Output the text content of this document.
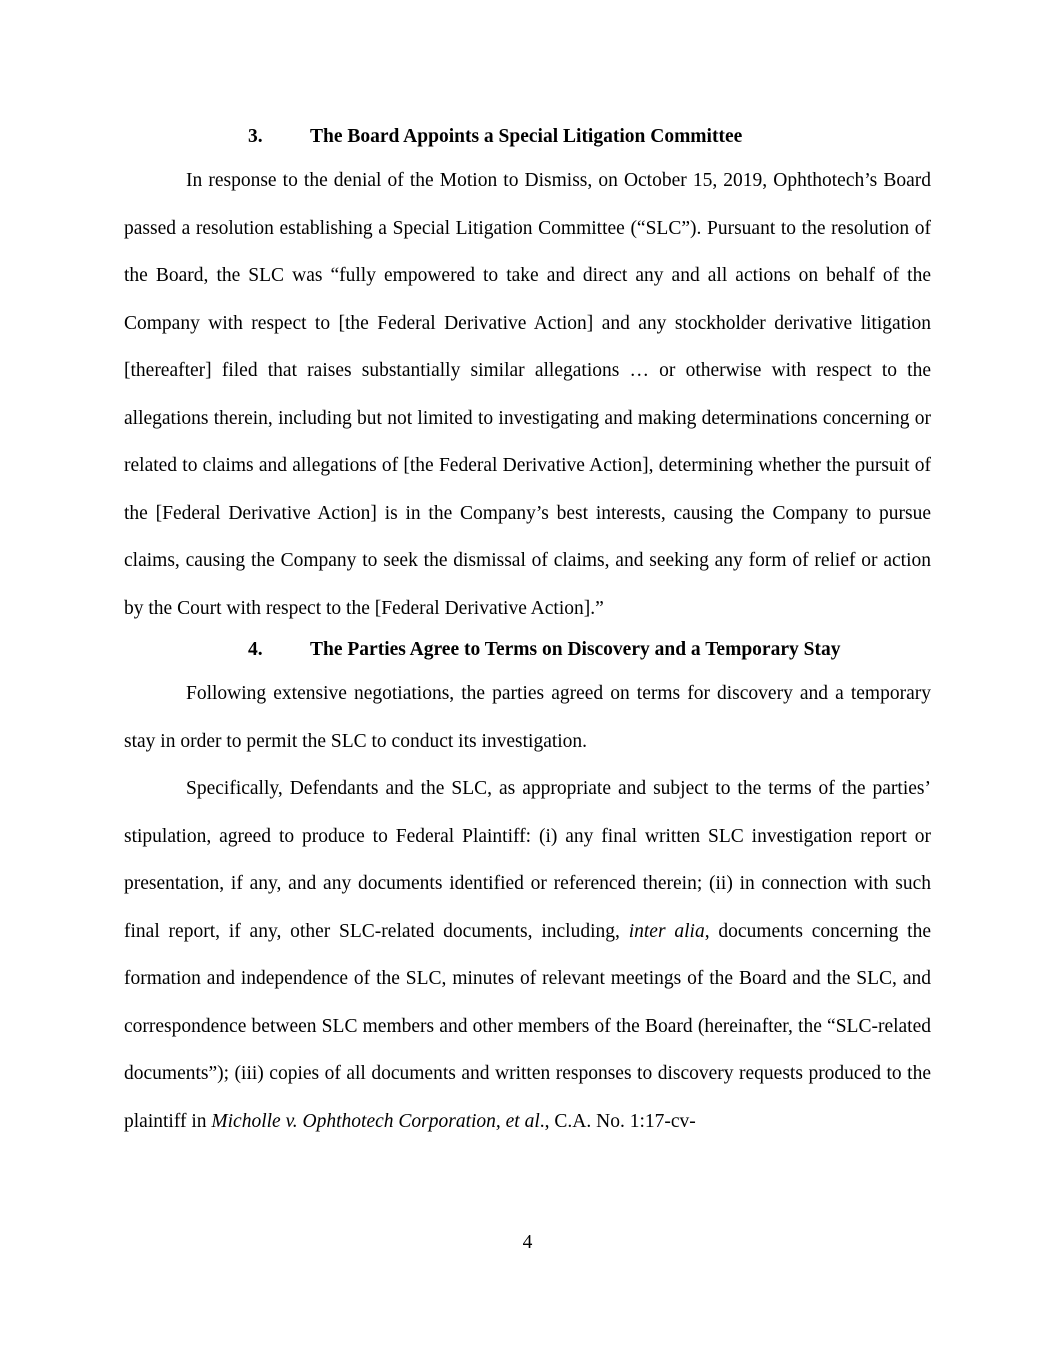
3. The Board Appoints a Special Litigation Committee

In response to the denial of the Motion to Dismiss, on October 15, 2019, Ophthotech’s Board passed a resolution establishing a Special Litigation Committee (“SLC”). Pursuant to the resolution of the Board, the SLC was “fully empowered to take and direct any and all actions on behalf of the Company with respect to [the Federal Derivative Action] and any stockholder derivative litigation [thereafter] filed that raises substantially similar allegations … or otherwise with respect to the allegations therein, including but not limited to investigating and making determinations concerning or related to claims and allegations of [the Federal Derivative Action], determining whether the pursuit of the [Federal Derivative Action] is in the Company’s best interests, causing the Company to pursue claims, causing the Company to seek the dismissal of claims, and seeking any form of relief or action by the Court with respect to the [Federal Derivative Action].”

4. The Parties Agree to Terms on Discovery and a Temporary Stay

Following extensive negotiations, the parties agreed on terms for discovery and a temporary stay in order to permit the SLC to conduct its investigation.

Specifically, Defendants and the SLC, as appropriate and subject to the terms of the parties’ stipulation, agreed to produce to Federal Plaintiff: (i) any final written SLC investigation report or presentation, if any, and any documents identified or referenced therein; (ii) in connection with such final report, if any, other SLC-related documents, including, inter alia, documents concerning the formation and independence of the SLC, minutes of relevant meetings of the Board and the SLC, and correspondence between SLC members and other members of the Board (hereinafter, the “SLC-related documents”); (iii) copies of all documents and written responses to discovery requests produced to the plaintiff in Micholle v. Ophthotech Corporation, et al., C.A. No. 1:17-cv-

4
